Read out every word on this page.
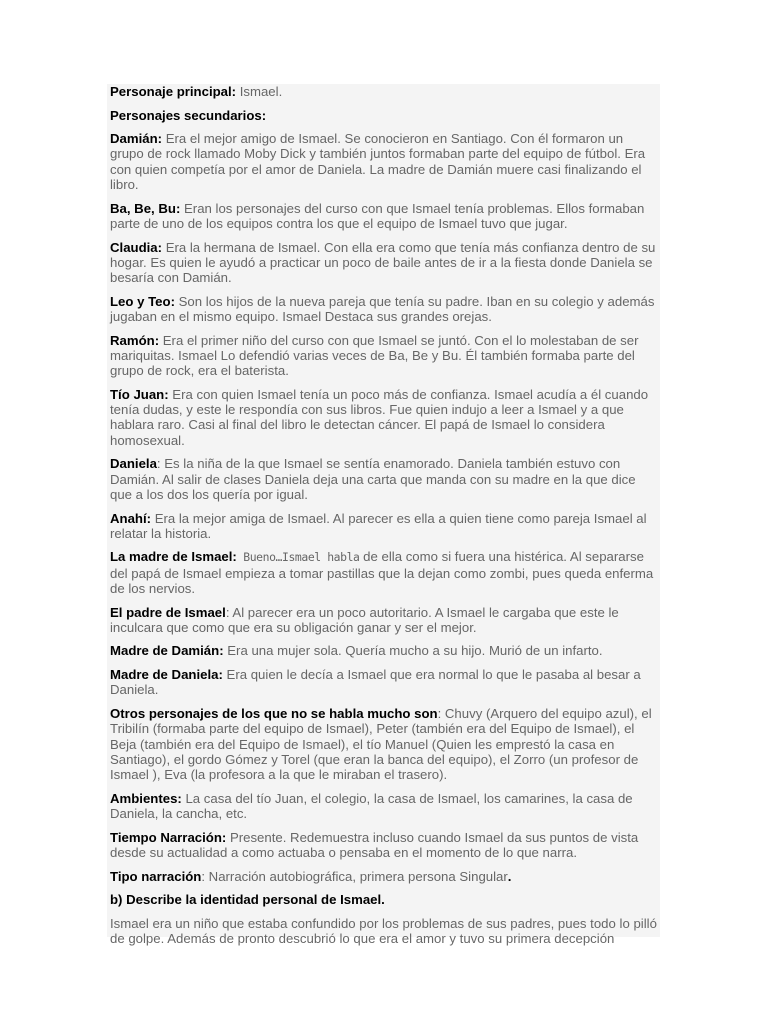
Personaje principal: Ismael.

Personajes secundarios:

Damián: Era el mejor amigo de Ismael. Se conocieron en Santiago. Con él formaron un grupo de rock llamado Moby Dick y también juntos formaban parte del equipo de fútbol. Era con quien competía por el amor de Daniela. La madre de Damián muere casi finalizando el libro.

Ba, Be, Bu: Eran los personajes del curso con que Ismael tenía problemas. Ellos formaban parte de uno de los equipos contra los que el equipo de Ismael tuvo que jugar.

Claudia: Era la hermana de Ismael. Con ella era como que tenía más confianza dentro de su hogar. Es quien le ayudó a practicar un poco de baile antes de ir a la fiesta donde Daniela se besaría con Damián.

Leo y Teo: Son los hijos de la nueva pareja que tenía su padre. Iban en su colegio y además jugaban en el mismo equipo. Ismael Destaca sus grandes orejas.

Ramón: Era el primer niño del curso con que Ismael se juntó. Con el lo molestaban de ser mariquitas. Ismael Lo defendió varias veces de Ba, Be y Bu. Él también formaba parte del grupo de rock, era el baterista.

Tío Juan: Era con quien Ismael tenía un poco más de confianza. Ismael acudía a él cuando tenía dudas, y este le respondía con sus libros. Fue quien indujo a leer a Ismael y a que hablara raro. Casi al final del libro le detectan cáncer. El papá de Ismael lo considera homosexual.

Daniela: Es la niña de la que Ismael se sentía enamorado. Daniela también estuvo con Damián. Al salir de clases Daniela deja una carta que manda con su madre en la que dice que a los dos los quería por igual.

Anahí: Era la mejor amiga de Ismael. Al parecer es ella a quien tiene como pareja Ismael al relatar la historia.

La madre de Ismael: Bueno…Ismael habla de ella como si fuera una histérica. Al separarse del papá de Ismael empieza a tomar pastillas que la dejan como zombi, pues queda enferma de los nervios.

El padre de Ismael: Al parecer era un poco autoritario. A Ismael le cargaba que este le inculcara que como que era su obligación ganar y ser el mejor.

Madre de Damián: Era una mujer sola. Quería mucho a su hijo. Murió de un infarto.

Madre de Daniela: Era quien le decía a Ismael que era normal lo que le pasaba al besar a Daniela.

Otros personajes de los que no se habla mucho son: Chuvy (Arquero del equipo azul), el Tribilín (formaba parte del equipo de Ismael), Peter (también era del Equipo de Ismael), el Beja (también era del Equipo de Ismael), el tío Manuel (Quien les emprestó la casa en Santiago), el gordo Gómez y Torel (que eran la banca del equipo), el Zorro (un profesor de Ismael ), Eva (la profesora a la que le miraban el trasero).

Ambientes: La casa del tío Juan, el colegio, la casa de Ismael, los camarines, la casa de Daniela, la cancha, etc.

Tiempo Narración: Presente. Redemuestra incluso cuando Ismael da sus puntos de vista desde su actualidad a como actuaba o pensaba en el momento de lo que narra.

Tipo narración: Narración autobiográfica, primera persona Singular.

b) Describe la identidad personal de Ismael.

Ismael era un niño que estaba confundido por los problemas de sus padres, pues todo lo pilló de golpe. Además de pronto descubrió lo que era el amor y tuvo su primera decepción
